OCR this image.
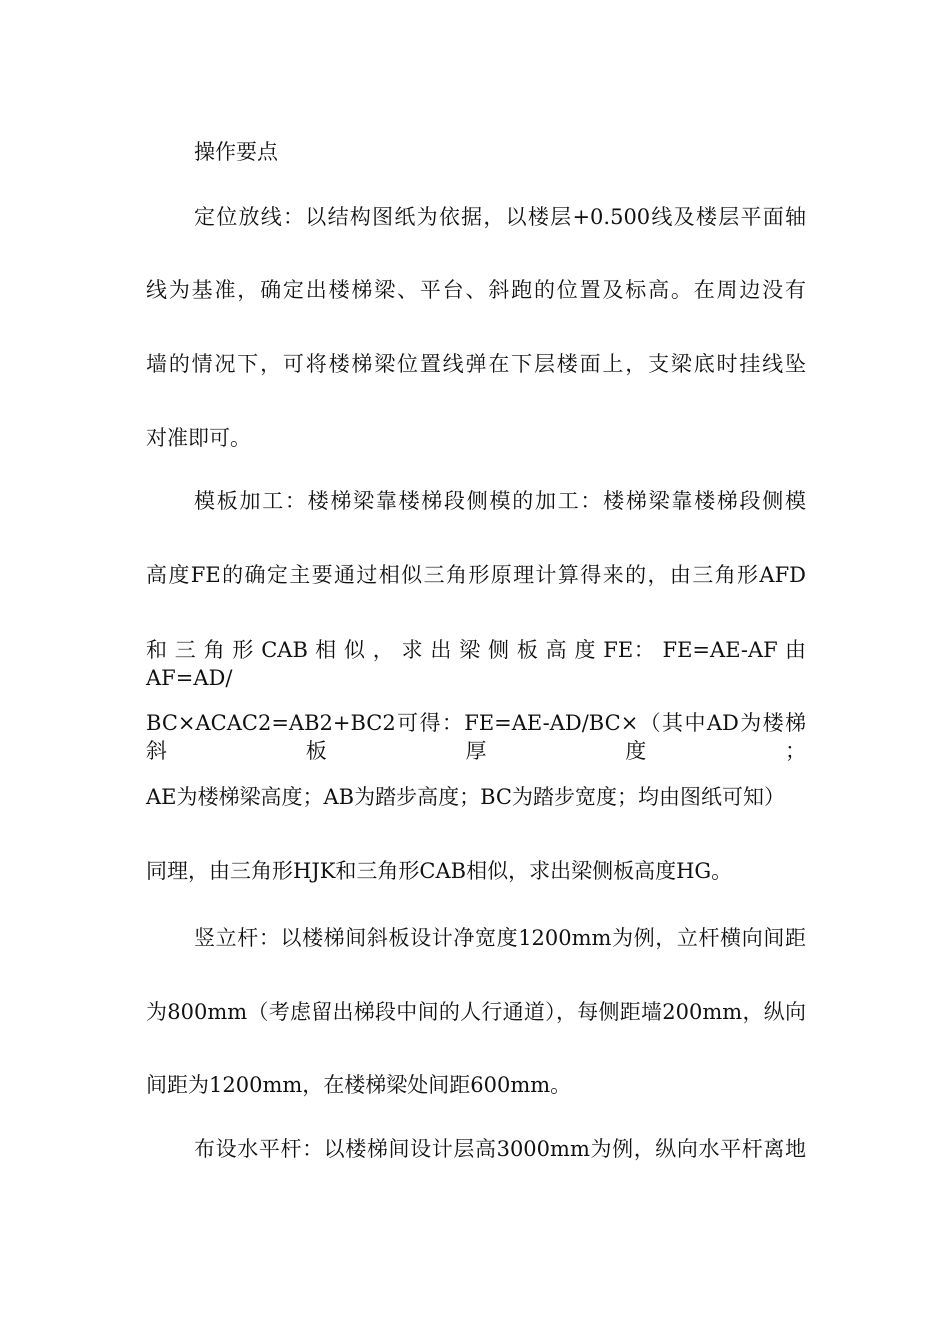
操作要点
定位放线：以结构图纸为依据，以楼层+0.500线及楼层平面轴
线为基准，确定出楼梯梁、平台、斜跑的位置及标高。在周边没有
墙的情况下，可将楼梯梁位置线弹在下层楼面上，支梁底时挂线坠
对准即可。
模板加工：楼梯梁靠楼梯段侧模的加工：楼梯梁靠楼梯段侧模
高度FE的确定主要通过相似三角形原理计算得来的，由三角形AFD
和 三 角 形 CAB 相 似 ， 求 出 梁 侧 板 高 度 FE： FE=AE-AF 由 AF=AD/
BC×ACAC2=AB2+BC2可得：FE=AE-AD/BC×（其中AD为楼梯斜板厚度；
AE为楼梯梁高度；AB为踏步高度；BC为踏步宽度；均由图纸可知）
同理，由三角形HJK和三角形CAB相似，求出梁侧板高度HG。
竖立杆：以楼梯间斜板设计净宽度1200mm为例，立杆横向间距
为800mm（考虑留出梯段中间的人行通道），每侧距墙200mm，纵向
间距为1200mm，在楼梯梁处间距600mm。
布设水平杆：以楼梯间设计层高3000mm为例，纵向水平杆离地
